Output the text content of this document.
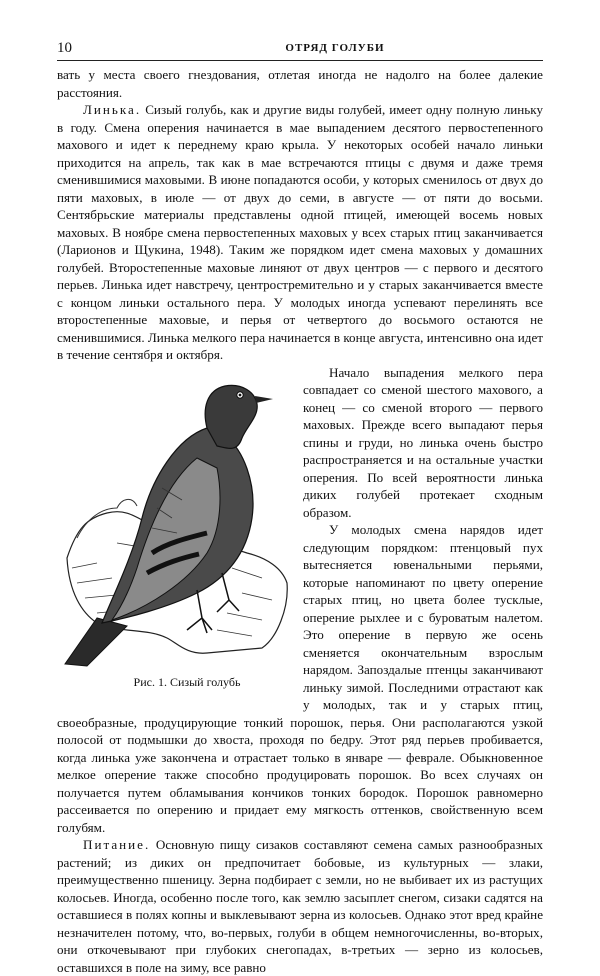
10	ОТРЯД ГОЛУБИ

вать у места своего гнездования, отлетая иногда не надолго на более далекие расстояния.

Линька. Сизый голубь, как и другие виды голубей, имеет одну полную линьку в году. Смена оперения начинается в мае выпадением десятого первостепенного махового и идет к переднему краю крыла. У некоторых особей начало линьки приходится на апрель, так как в мае встречаются птицы с двумя и даже тремя сменившимися маховыми. В июне попадаются особи, у которых сменилось от двух до пяти маховых, в июле — от двух до семи, в августе — от пяти до восьми. Сентябрьские материалы представлены одной птицей, имеющей восемь новых маховых. В ноябре смена первостепенных маховых у всех старых птиц заканчивается (Ларионов и Щукина, 1948). Таким же порядком идет смена маховых у домашних голубей. Второстепенные маховые линяют от двух центров — с первого и десятого перьев. Линька идет навстречу, центростремительно и у старых заканчивается вместе с концом линьки остального пера. У молодых иногда успевают перелинять все второстепенные маховые, и перья от четвертого до восьмого остаются не сменившимися. Линька мелкого пера начинается в конце августа, интенсивно она идет в течение сентября и октября.

Рис. 1. Сизый голубь
Начало выпадения мелкого пера совпадает со сменой шестого махового, а конец — со сменой второго — первого маховых. Прежде всего выпадают перья спины и груди, но линька очень быстро распространяется и на остальные участки оперения. По всей вероятности линька диких голубей протекает сходным образом.

У молодых смена нарядов идет следующим порядком: птенцовый пух вытесняется ювенальными перьями, которые напоминают по цвету оперение старых птиц, но цвета более тусклые, оперение рыхлее и с буроватым налетом. Это оперение в первую же осень сменяется окончательным взрослым нарядом. Запоздалые птенцы заканчивают линьку зимой. Последними отрастают как у молодых, так и у старых птиц, своеобразные, продуцирующие тонкий порошок, перья. Они располагаются узкой полосой от подмышки до хвоста, проходя по бедру. Этот ряд перьев пробивается, когда линька уже закончена и отрастает только в январе — феврале. Обыкновенное мелкое оперение также способно продуцировать порошок. Во всех случаях он получается путем обламывания кончиков тонких бородок. Порошок равномерно рассеивается по оперению и придает ему мягкость оттенков, свойственную всем голубям.

Питание. Основную пищу сизаков составляют семена самых разнообразных растений; из диких он предпочитает бобовые, из культурных — злаки, преимущественно пшеницу. Зерна подбирает с земли, но не выбивает их из растущих колосьев. Иногда, особенно после того, как землю засыплет снегом, сизаки садятся на оставшиеся в полях копны и выклевывают зерна из колосьев. Однако этот вред крайне незначителен потому, что, во-первых, голуби в общем немногочисленны, во-вторых, они откочевывают при глубоких снегопадах, в-третьих — зерно из колосьев, оставшихся в поле на зиму, все равно
